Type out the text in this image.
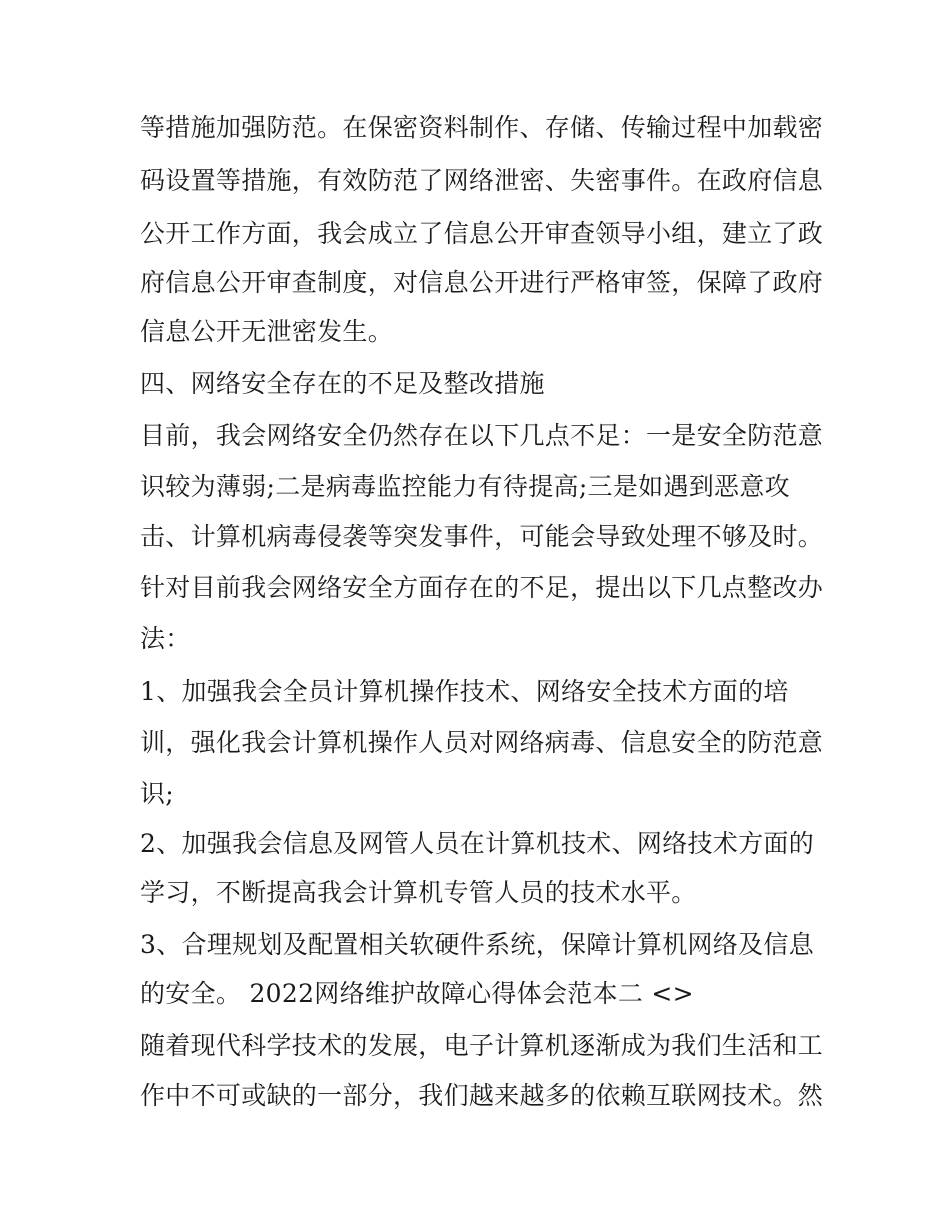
等措施加强防范。在保密资料制作、存储、传输过程中加载密
码设置等措施，有效防范了网络泄密、失密事件。在政府信息
公开工作方面，我会成立了信息公开审查领导小组，建立了政
府信息公开审查制度，对信息公开进行严格审签，保障了政府
信息公开无泄密发生。
四、网络安全存在的不足及整改措施
目前，我会网络安全仍然存在以下几点不足：一是安全防范意
识较为薄弱;二是病毒监控能力有待提高;三是如遇到恶意攻
击、计算机病毒侵袭等突发事件，可能会导致处理不够及时。
针对目前我会网络安全方面存在的不足，提出以下几点整改办
法：
1、加强我会全员计算机操作技术、网络安全技术方面的培
训，强化我会计算机操作人员对网络病毒、信息安全的防范意
识;
2、加强我会信息及网管人员在计算机技术、网络技术方面的
学习，不断提高我会计算机专管人员的技术水平。
3、合理规划及配置相关软硬件系统，保障计算机网络及信息
的安全。 2022网络维护故障心得体会范本二 <>
随着现代科学技术的发展，电子计算机逐渐成为我们生活和工
作中不可或缺的一部分，我们越来越多的依赖互联网技术。然
